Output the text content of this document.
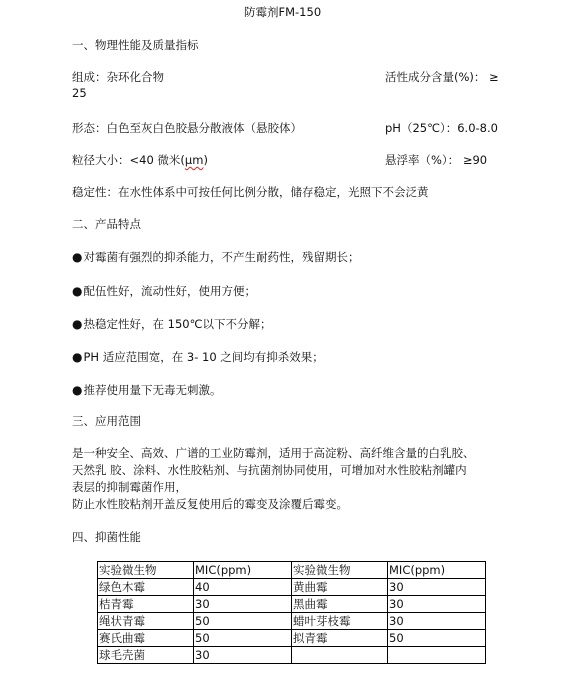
防霉剂FM-150
一、物理性能及质量指标
组成：杂环化合物	活性成分含量(%)： ≥
25
形态：白色至灰白色胶悬分散液体（悬胶体）	pH（25℃）：6.0-8.0
粒径大小：<40 微米(μm)	悬浮率（%）： ≥90
稳定性：在水性体系中可按任何比例分散，储存稳定，光照下不会泛黄
二、产品特点
● 对霉菌有强烈的抑杀能力，不产生耐药性，残留期长；
● 配伍性好，流动性好，使用方便；
● 热稳定性好，在 150℃以下不分解；
● PH 适应范围宽，在 3- 10 之间均有抑杀效果；
● 推荐使用量下无毒无刺激。
三、应用范围
是一种安全、高效、广谱的工业防霉剂，适用于高淀粉、高纤维含量的白乳胶、
天然乳 胶、涂料、水性胶粘剂、与抗菌剂协同使用，可增加对水性胶粘剂罐内
表层的抑制霉菌作用，
防止水性胶粘剂开盖反复使用后的霉变及涂覆后霉变。
四、抑菌性能
实验微生物	MIC(ppm)	实验微生物	MIC(ppm)
绿色木霉	40	黄曲霉	30
桔青霉	30	黑曲霉	30
绳状青霉	50	蜡叶芽枝霉	30
赛氏曲霉	50	拟青霉	50
球毛壳菌	30		
